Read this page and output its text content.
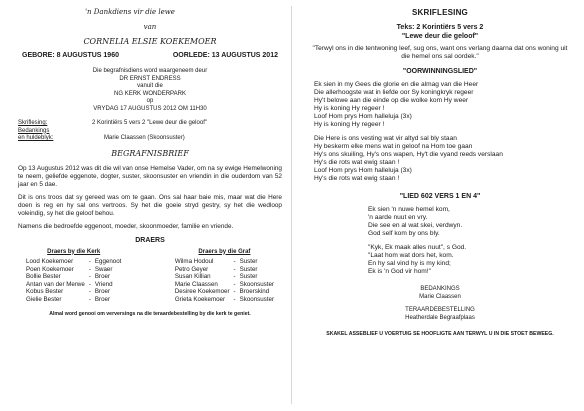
'n Dankdiens vir die lewe
van
CORNELIA ELSIE KOEKEMOER
GEBORE: 8 AUGUSTUS 1960	OORLEDE: 13 AUGUSTUS 2012
Die begrafnisdiens word waargeneem deur
DR ERNST ENDRESS
vanuit die
NG KERK WONDERPARK
op
VRYDAG 17 AUGUSTUS 2012 OM 11H30
Skriflesing:	2 Korintiërs 5 vers 2 "Lewe deur die geloof"
Bedankings
en huldeblyk:	Marie Claassen (Skoonsuster)
BEGRAFNISBRIEF

Op 13 Augustus 2012 was dit die wil van onse Hemelse Vader, om na sy ewige Hemelwoning te neem, geliefde eggenote, dogter, suster, skoonsuster en vriendin in die ouderdom van 52 jaar en 5 dae.

Dit is ons troos dat sy gereed was om te gaan. Ons sal haar baie mis, maar wat die Here doen is reg en hy sal ons vertroos. Sy het die goeie stryd gestry, sy het die wedloop voleindig, sy het die geloof behou.

Namens die bedroefde eggenoot, moeder, skoonmoeder, familie en vriende.

DRAERS
Draers by die Kerk
Lood Koekemoer	-	Eggenoot
Poen Koekemoer	-	Swaer
Bollie Bester	-	Broer
Antan van der Merwe	-	Vriend
Kobus Bester	-	Broer
Gielie Bester	-	Broer
Draers by die Graf
Wilma Hodoul	-	Suster
Petro Geyer	-	Suster
Susan Killian	-	Suster
Marie Claassen	-	Skoonsuster
Desiree Koekemoer	-	Broerskind
Grieta Koekemoer	-	Skoonsuster
Almal word genooi om verversings na die teraardebestelling by die kerk te geniet.
SKRIFLESING
Teks: 2 Korintiërs 5 vers 2
"Lewe deur die geloof"
"Terwyl ons in die tentwoning leef, sug ons, want ons verlang daarna dat ons woning uit die hemel ons sal oordek."
"OORWINNINGSLIED"
Ek sien in my Gees die glorie en die almag van die Heer
Die allerhoogste wat in liefde oor Sy koningkryk regeer
Hy't belowe aan die einde op die wolke kom Hy weer
Hy is koning Hy regeer !
Loof Hom prys Hom halleluja (3x)
Hy is koning Hy regeer !
Die Here is ons vesting wat vir altyd sal bly staan
Hy beskerm elke mens wat in geloof na Hom toe gaan
Hy's ons skuiling, Hy's ons wapen, Hy't die vyand reeds verslaan
Hy's die rots wat ewig staan !
Loof Hom prys Hom halleluja (3x)
Hy's die rots wat ewig staan !
"LIED 602 VERS 1 EN 4"
Ek sien 'n nuwe hemel kom,
'n aarde nuut en vry.
Die see en al wat skei, verdwyn.
God self kom by ons bly.
"Kyk, Ek maak alles nuut", s God.
"Laat hom wat dors het, kom.
En hy sal vind hy is my kind;
Ek is 'n God vir hom!"
BEDANKINGS
Marie Claassen
TERAARDEBESTELLING
Heatherdale Begraafplaas
SKAKEL ASSEBLIEF U VOERTUIG SE HOOFLIGTE AAN TERWYL U IN DIE STOET BEWEEG.
